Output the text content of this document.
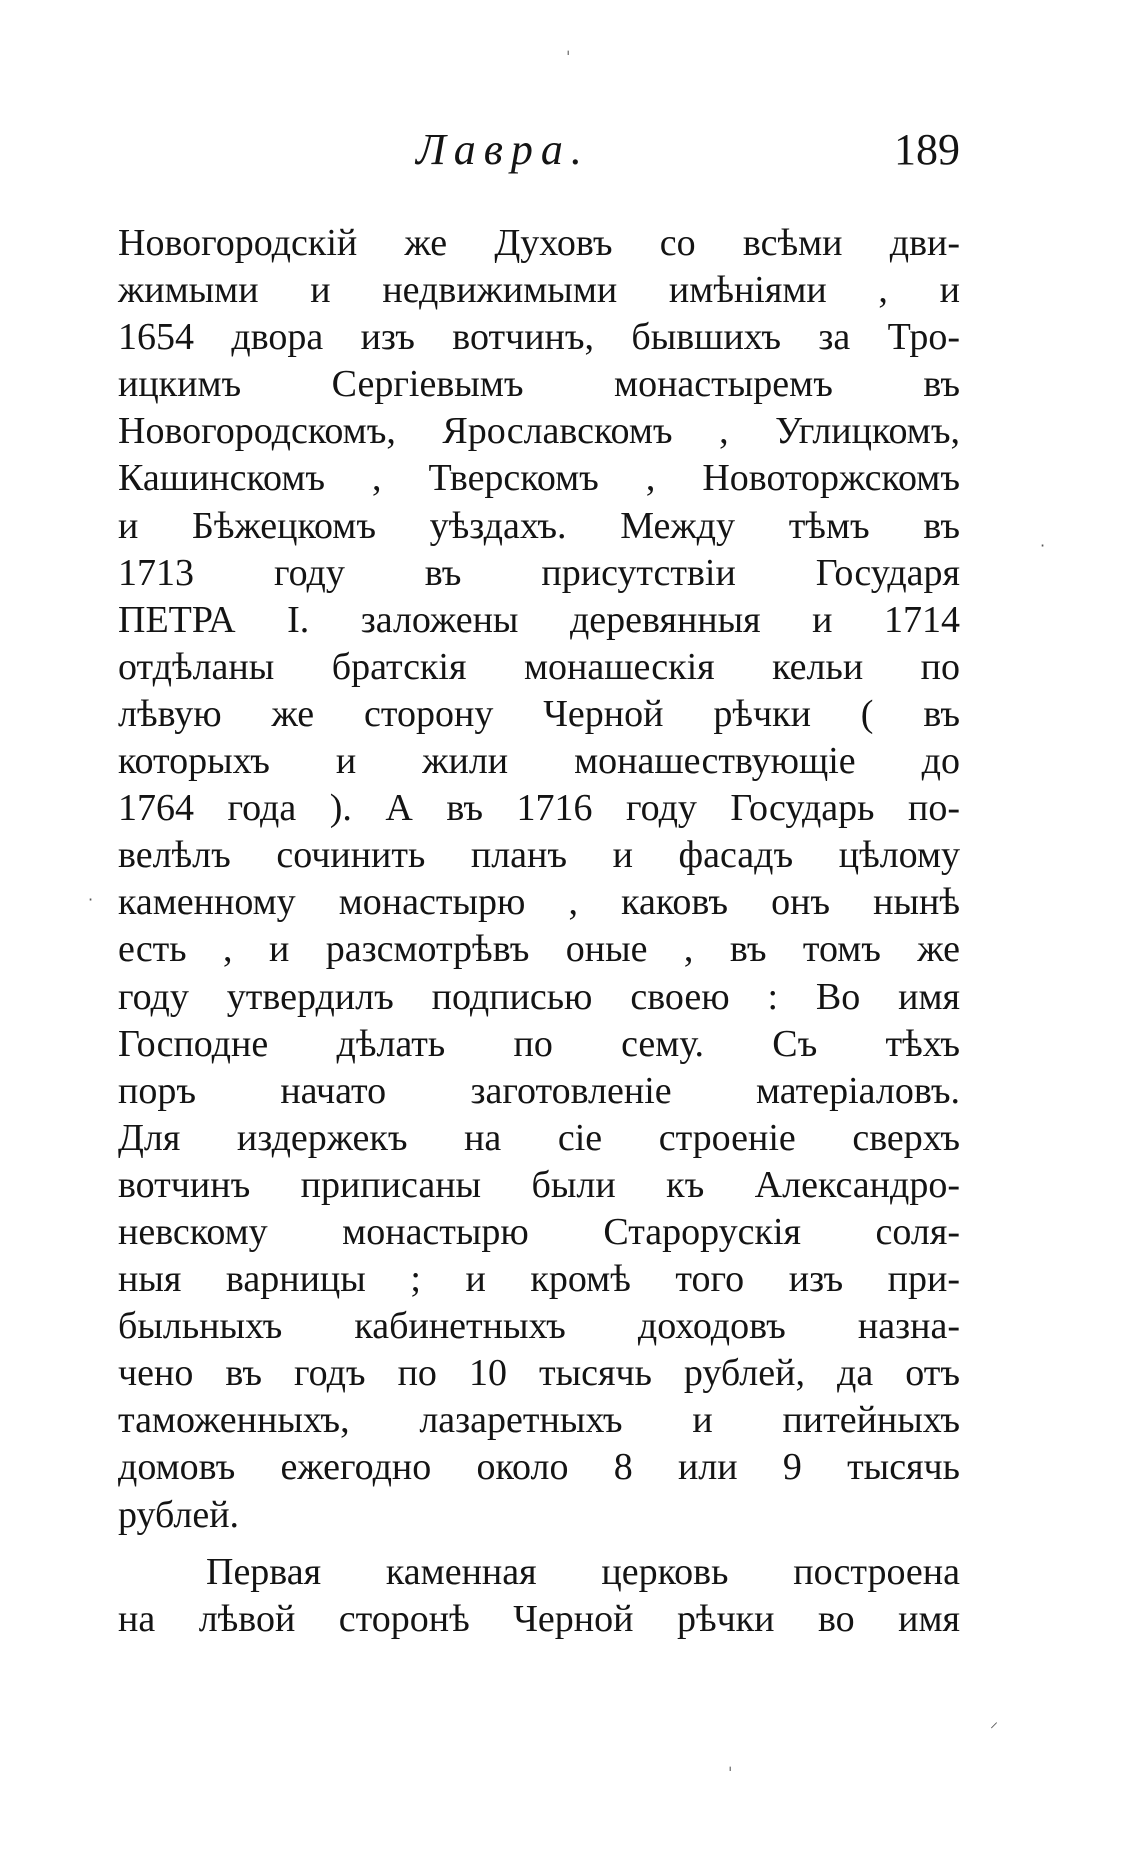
Лавра.	189
Новогородскій же Духовъ со всѣми дви-
жимыми и недвижимыми имѣніями , и
1654 двора изъ вотчинъ, бывшихъ за Тро-
ицкимъ Сергіевымъ монастыремъ въ
Новогородскомъ, Ярославскомъ , Углицкомъ,
Кашинскомъ , Тверскомъ , Новоторжскомъ
и Бѣжецкомъ уѣздахъ. Между тѣмъ въ
1713 году въ присутствіи Государя
ПЕТРА I. заложены деревянныя и 1714
отдѣланы братскія монашескія кельи по
лѣвую же сторону Черной рѣчки ( въ
которыхъ и жили монашествующіе до
1764 года ). А въ 1716 году Государь по-
велѣлъ сочинить планъ и фасадъ цѣлому
каменному монастырю , каковъ онъ нынѣ
есть , и разсмотрѣвъ оные , въ томъ же
году утвердилъ подписью своею : Во имя
Господне дѣлать по сему. Съ тѣхъ
поръ начато заготовленіе матеріаловъ.
Для издержекъ на сіе строеніе сверхъ
вотчинъ приписаны были къ Александро-
невскому монастырю Старорускія соля-
ныя варницы ; и кромѣ того изъ при-
быльныхъ кабинетныхъ доходовъ назна-
чено въ годъ по 10 тысячь рублей, да отъ
таможенныхъ, лазаретныхъ и питейныхъ
домовъ ежегодно около 8 или 9 тысячь
рублей.
Первая каменная церковь построена
на лѣвой сторонѣ Черной рѣчки во имя
ˈ
·
·
⸝
ˈ
